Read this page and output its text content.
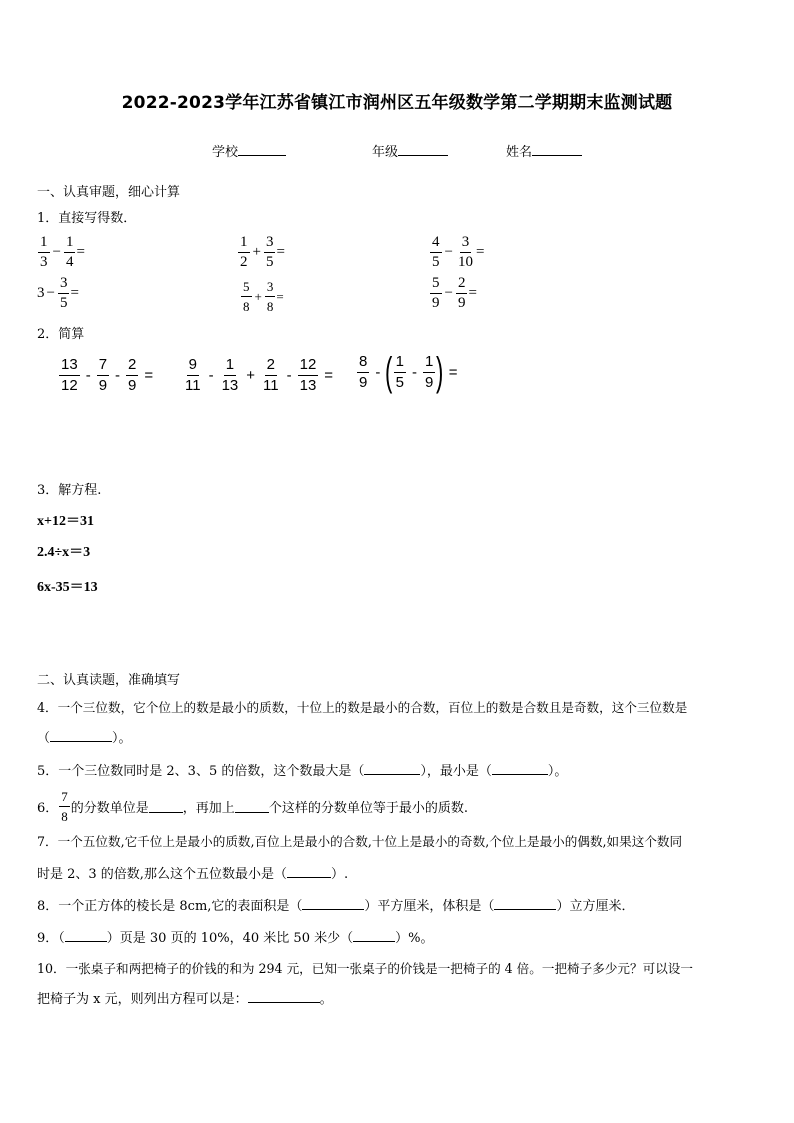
2022-2023学年江苏省镇江市润州区五年级数学第二学期期末监测试题
学校	年级	姓名
一、认真审题，细心计算
1．直接写得数．
$\frac{1}{3} - \frac{1}{4}$ =	$\frac{1}{2} + \frac{3}{5}$ =	$\frac{4}{5} - \frac{3}{10}$ =
$3 - \frac{3}{5}$ =	$\frac{5}{8} + \frac{3}{8}$ =	$\frac{5}{9} - \frac{2}{9}$ =
2．简算
$\frac{13}{12} - \frac{7}{9} - \frac{2}{9} = \frac{9}{11} - \frac{1}{13} + \frac{2}{11} - \frac{12}{13} = \frac{8}{9}$ - ( $\frac{1}{5} - \frac{1}{9}$ ) =
3．解方程.
x+12＝31
2.4÷x＝3
6x-35＝13
二、认真读题，准确填写
4．一个三位数，它个位上的数是最小的质数，十位上的数是最小的合数，百位上的数是合数且是奇数，这个三位数是
（	）。
5．一个三位数同时是 2、3、5 的倍数，这个数最大是（	），最小是（	）。
6． $\frac{7}{8}$ 的分数单位是	，再加上	个这样的分数单位等于最小的质数.
7．一个五位数,它千位上是最小的质数,百位上是最小的合数,十位上是最小的奇数,个位上是最小的偶数,如果这个数同
时是 2、3 的倍数,那么这个五位数最小是（	）.
8．一个正方体的棱长是 8cm,它的表面积是（	）平方厘米，体积是（	）立方厘米．
9．（	）页是 30 页的 10%，40 米比 50 米少（	）%。
10．一张桌子和两把椅子的价钱的和为 294 元，已知一张桌子的价钱是一把椅子的 4 倍。一把椅子多少元？可以设一
把椅子为 x 元，则列出方程可以是：	。
